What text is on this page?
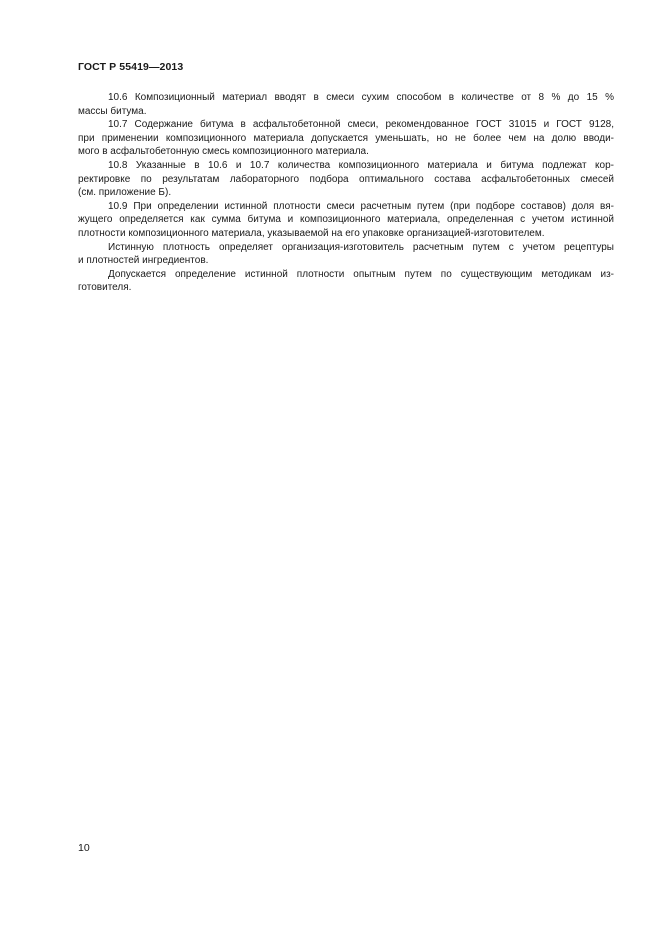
ГОСТ Р 55419—2013

10.6 Композиционный материал вводят в смеси сухим способом в количестве от 8 % до 15 %
массы битума.

10.7 Содержание битума в асфальтобетонной смеси, рекомендованное ГОСТ 31015 и ГОСТ 9128,
при применении композиционного материала допускается уменьшать, но не более чем на долю вводи-
мого в асфальтобетонную смесь композиционного материала.

10.8 Указанные в 10.6 и 10.7 количества композиционного материала и битума подлежат кор-
ректировке по результатам лабораторного подбора оптимального состава асфальтобетонных смесей
(см. приложение Б).

10.9 При определении истинной плотности смеси расчетным путем (при подборе составов) доля вя-
жущего определяется как сумма битума и композиционного материала, определенная с учетом истинной
плотности композиционного материала, указываемой на его упаковке организацией-изготовителем.

Истинную плотность определяет организация-изготовитель расчетным путем с учетом рецептуры
и плотностей ингредиентов.

Допускается определение истинной плотности опытным путем по существующим методикам из-
готовителя.

10
